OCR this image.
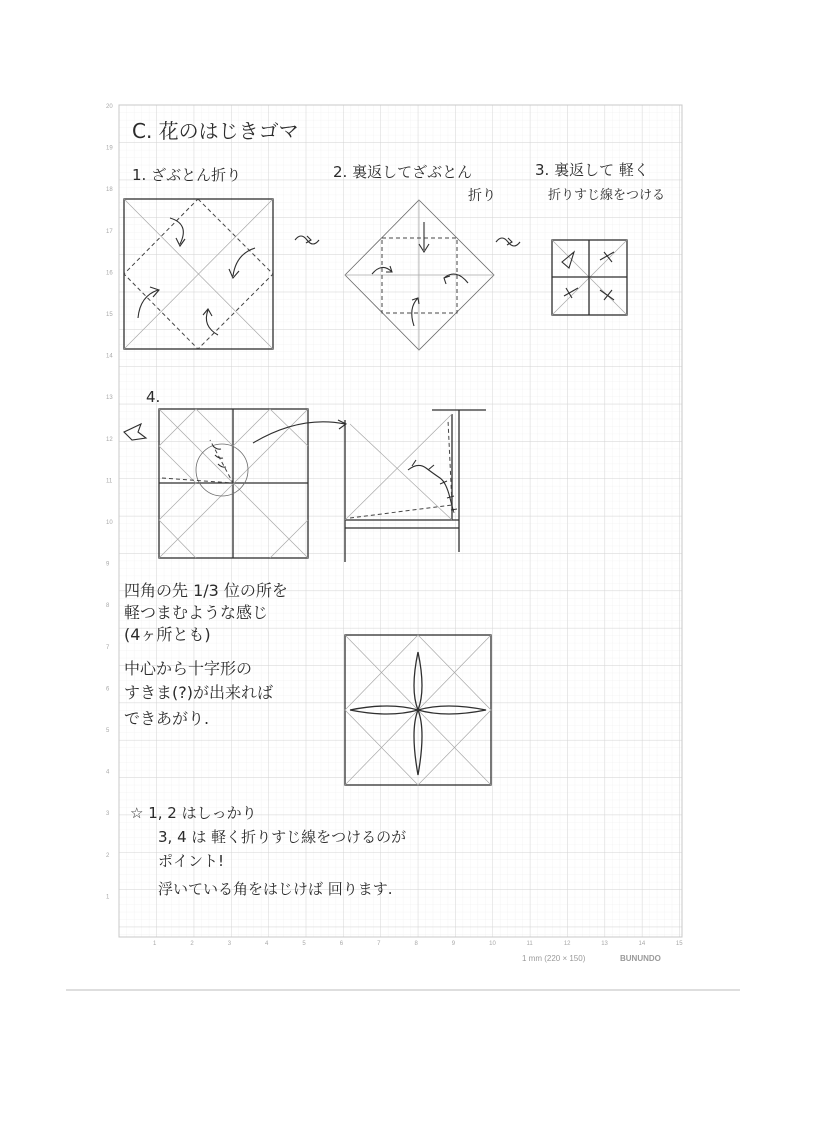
20
19
18
17
16
15
14
13
12
11
10
9
8
7
6
5
4
3
2
1
1	2	3	4	5	6	7	8	9	10	11	12	13	14	15
1 mm (220 × 150)	BUNUNDO
C. 花のはじきゴマ
1. ざぶとん折り	2. 裏返してざぶとん
折り
3. 裏返して 軽く
折りすじ線をつける
4.
四角の先 1/3 位の所を
軽つまむような感じ
(4ヶ所とも)
中心から十字形の
すきま(?)が出来れば
できあがり.
☆ 1, 2 はしっかり
3, 4 は 軽く折りすじ線をつけるのが
ポイント!
浮いている角をはじけば 回ります.
